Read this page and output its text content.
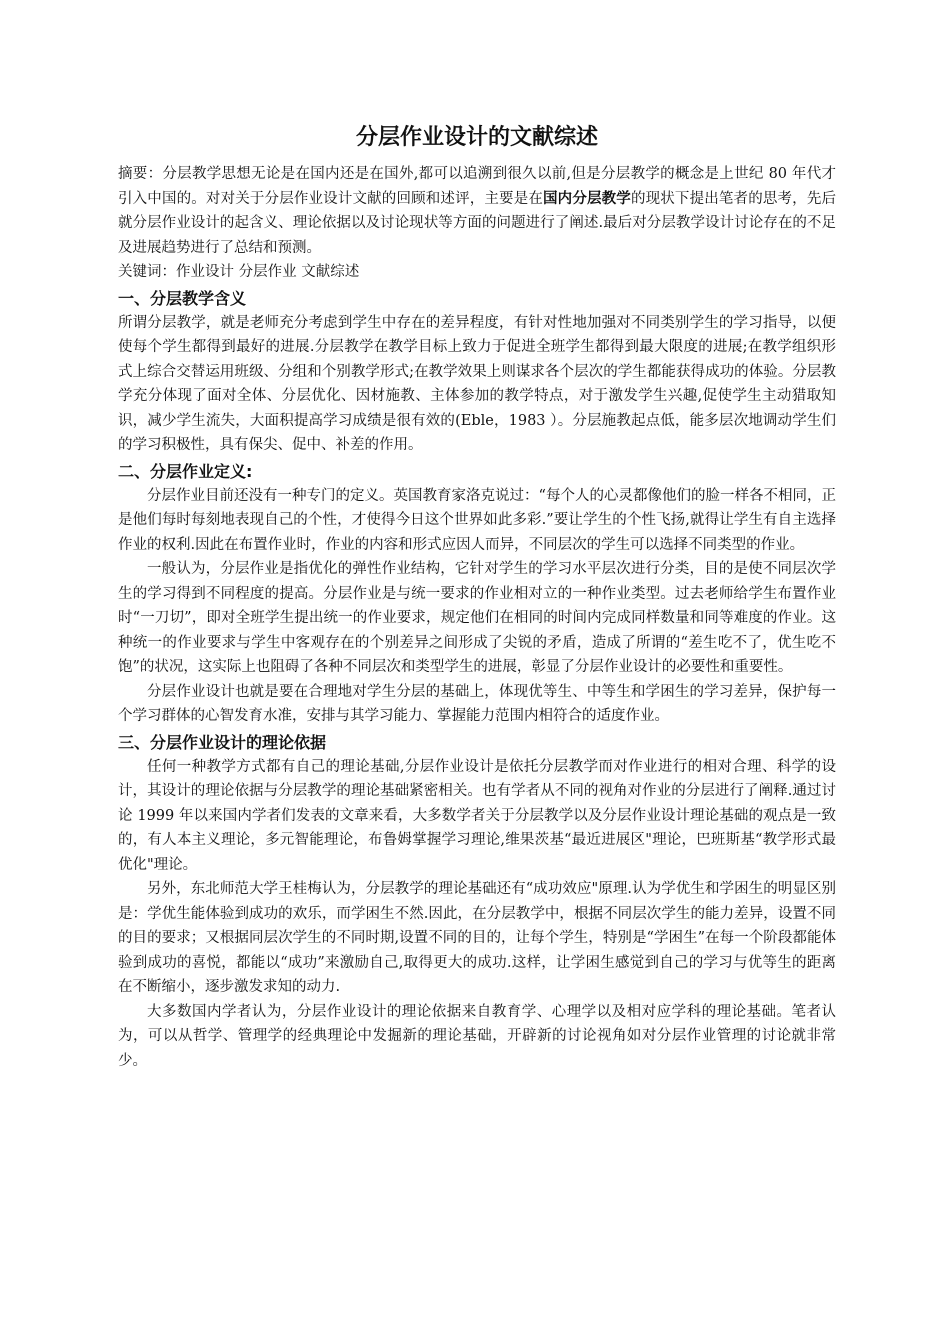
分层作业设计的文献综述

摘要：分层教学思想无论是在国内还是在国外,都可以追溯到很久以前,但是分层教学的概念是上世纪 80 年代才引入中国的。对对关于分层作业设计文献的回顾和述评，主要是在国内分层教学的现状下提出笔者的思考，先后就分层作业设计的起含义、理论依据以及讨论现状等方面的问题进行了阐述.最后对分层教学设计讨论存在的不足及进展趋势进行了总结和预测。

关键词：作业设计 分层作业 文献综述

一、分层教学含义

所谓分层教学，就是老师充分考虑到学生中存在的差异程度，有针对性地加强对不同类别学生的学习指导，以便使每个学生都得到最好的进展.分层教学在教学目标上致力于促进全班学生都得到最大限度的进展;在教学组织形式上综合交替运用班级、分组和个别教学形式;在教学效果上则谋求各个层次的学生都能获得成功的体验。分层教学充分体现了面对全体、分层优化、因材施教、主体参加的教学特点，对于激发学生兴趣,促使学生主动猎取知识，减少学生流失，大面积提高学习成绩是很有效的(Eble，1983 ）。分层施教起点低，能多层次地调动学生们的学习积极性，具有保尖、促中、补差的作用。

二、分层作业定义:

分层作业目前还没有一种专门的定义。英国教育家洛克说过：“每个人的心灵都像他们的脸一样各不相同，正是他们每时每刻地表现自己的个性，才使得今日这个世界如此多彩.”要让学生的个性飞扬,就得让学生有自主选择作业的权利.因此在布置作业时，作业的内容和形式应因人而异，不同层次的学生可以选择不同类型的作业。

一般认为，分层作业是指优化的弹性作业结构，它针对学生的学习水平层次进行分类，目的是使不同层次学生的学习得到不同程度的提高。分层作业是与统一要求的作业相对立的一种作业类型。过去老师给学生布置作业时“一刀切”，即对全班学生提出统一的作业要求，规定他们在相同的时间内完成同样数量和同等难度的作业。这种统一的作业要求与学生中客观存在的个别差异之间形成了尖锐的矛盾，造成了所谓的“差生吃不了，优生吃不饱”的状况，这实际上也阻碍了各种不同层次和类型学生的进展，彰显了分层作业设计的必要性和重要性。

分层作业设计也就是要在合理地对学生分层的基础上，体现优等生、中等生和学困生的学习差异，保护每一个学习群体的心智发育水准，安排与其学习能力、掌握能力范围内相符合的适度作业。

三、分层作业设计的理论依据

任何一种教学方式都有自己的理论基础,分层作业设计是依托分层教学而对作业进行的相对合理、科学的设计，其设计的理论依据与分层教学的理论基础紧密相关。也有学者从不同的视角对作业的分层进行了阐释.通过讨论 1999 年以来国内学者们发表的文章来看，大多数学者关于分层教学以及分层作业设计理论基础的观点是一致的，有人本主义理论，多元智能理论，布鲁姆掌握学习理论,维果茨基“最近进展区"理论，巴班斯基“教学形式最优化"理论。

另外，东北师范大学王桂梅认为，分层教学的理论基础还有“成功效应"原理.认为学优生和学困生的明显区别是：学优生能体验到成功的欢乐，而学困生不然.因此，在分层教学中，根据不同层次学生的能力差异，设置不同的目的要求；又根据同层次学生的不同时期,设置不同的目的，让每个学生，特别是“学困生”在每一个阶段都能体验到成功的喜悦，都能以“成功”来激励自己,取得更大的成功.这样，让学困生感觉到自己的学习与优等生的距离在不断缩小，逐步激发求知的动力.

大多数国内学者认为，分层作业设计的理论依据来自教育学、心理学以及相对应学科的理论基础。笔者认为，可以从哲学、管理学的经典理论中发掘新的理论基础，开辟新的讨论视角如对分层作业管理的讨论就非常少。
